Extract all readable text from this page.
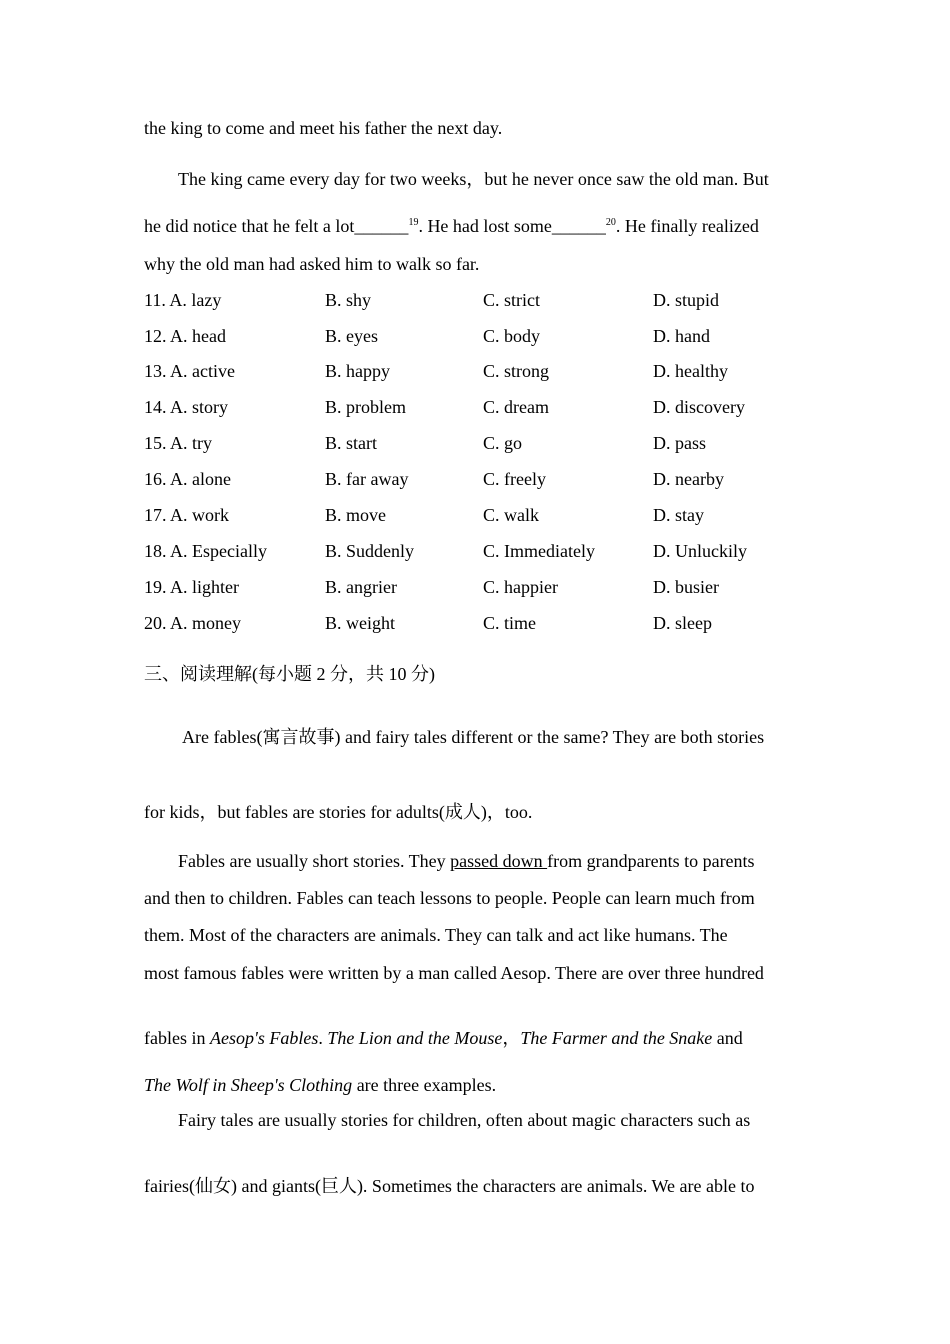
the king to come and meet his father the next day.
The king came every day for two weeks，but he never once saw the old man. But
he did notice that he felt a lot______$^{19}$. He had lost some______$^{20}$. He finally realized
why the old man had asked him to walk so far.
11. A. lazy	B. shy	C. strict	D. stupid
12. A. head	B. eyes	C. body	D. hand
13. A. active	B. happy	C. strong	D. healthy
14. A. story	B. problem	C. dream	D. discovery
15. A. try	B. start	C. go	D. pass
16. A. alone	B. far away	C. freely	D. nearby
17. A. work	B. move	C. walk	D. stay
18. A. Especially	B. Suddenly	C. Immediately	D. Unluckily
19. A. lighter	B. angrier	C. happier	D. busier
20. A. money	B. weight	C. time	D. sleep
三、阅读理解(每小题 2 分，共 10 分)
Are fables(寓言故事) and fairy tales different or the same? They are both stories
for kids，but fables are stories for adults(成人)，too.
Fables are usually short stories. They passed down from grandparents to parents
and then to children. Fables can teach lessons to people. People can learn much from
them. Most of the characters are animals. They can talk and act like humans. The
most famous fables were written by a man called Aesop. There are over three hundred
fables in Aesop's Fables. The Lion and the Mouse，The Farmer and the Snake and
The Wolf in Sheep's Clothing are three examples.
Fairy tales are usually stories for children, often about magic characters such as
fairies(仙女) and giants(巨人). Sometimes the characters are animals. We are able to
